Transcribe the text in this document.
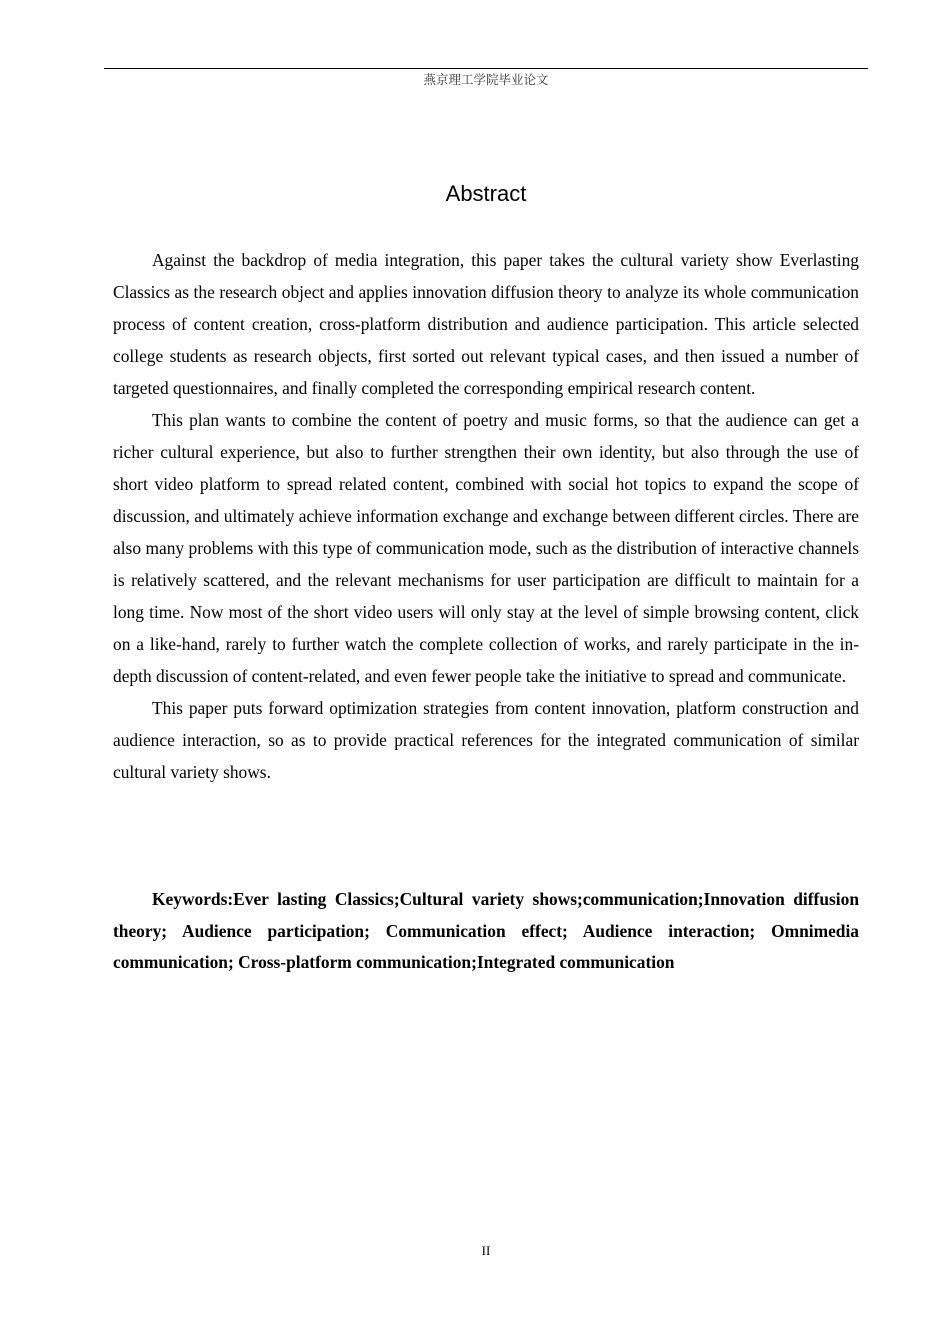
燕京理工学院毕业论文
Abstract

Against the backdrop of media integration, this paper takes the cultural variety show Everlasting Classics as the research object and applies innovation diffusion theory to analyze its whole communication process of content creation, cross-platform distribution and audience participation. This article selected college students as research objects, first sorted out relevant typical cases, and then issued a number of targeted questionnaires, and finally completed the corresponding empirical research content.

This plan wants to combine the content of poetry and music forms, so that the audience can get a richer cultural experience, but also to further strengthen their own identity, but also through the use of short video platform to spread related content, combined with social hot topics to expand the scope of discussion, and ultimately achieve information exchange and exchange between different circles. There are also many problems with this type of communication mode, such as the distribution of interactive channels is relatively scattered, and the relevant mechanisms for user participation are difficult to maintain for a long time. Now most of the short video users will only stay at the level of simple browsing content, click on a like-hand, rarely to further watch the complete collection of works, and rarely participate in the in-depth discussion of content-related, and even fewer people take the initiative to spread and communicate.

This paper puts forward optimization strategies from content innovation, platform construction and audience interaction, so as to provide practical references for the integrated communication of similar cultural variety shows.

Keywords:Ever lasting Classics;Cultural variety shows;communication;Innovation diffusion theory; Audience participation; Communication effect; Audience interaction; Omnimedia communication; Cross-platform communication;Integrated communication

II
